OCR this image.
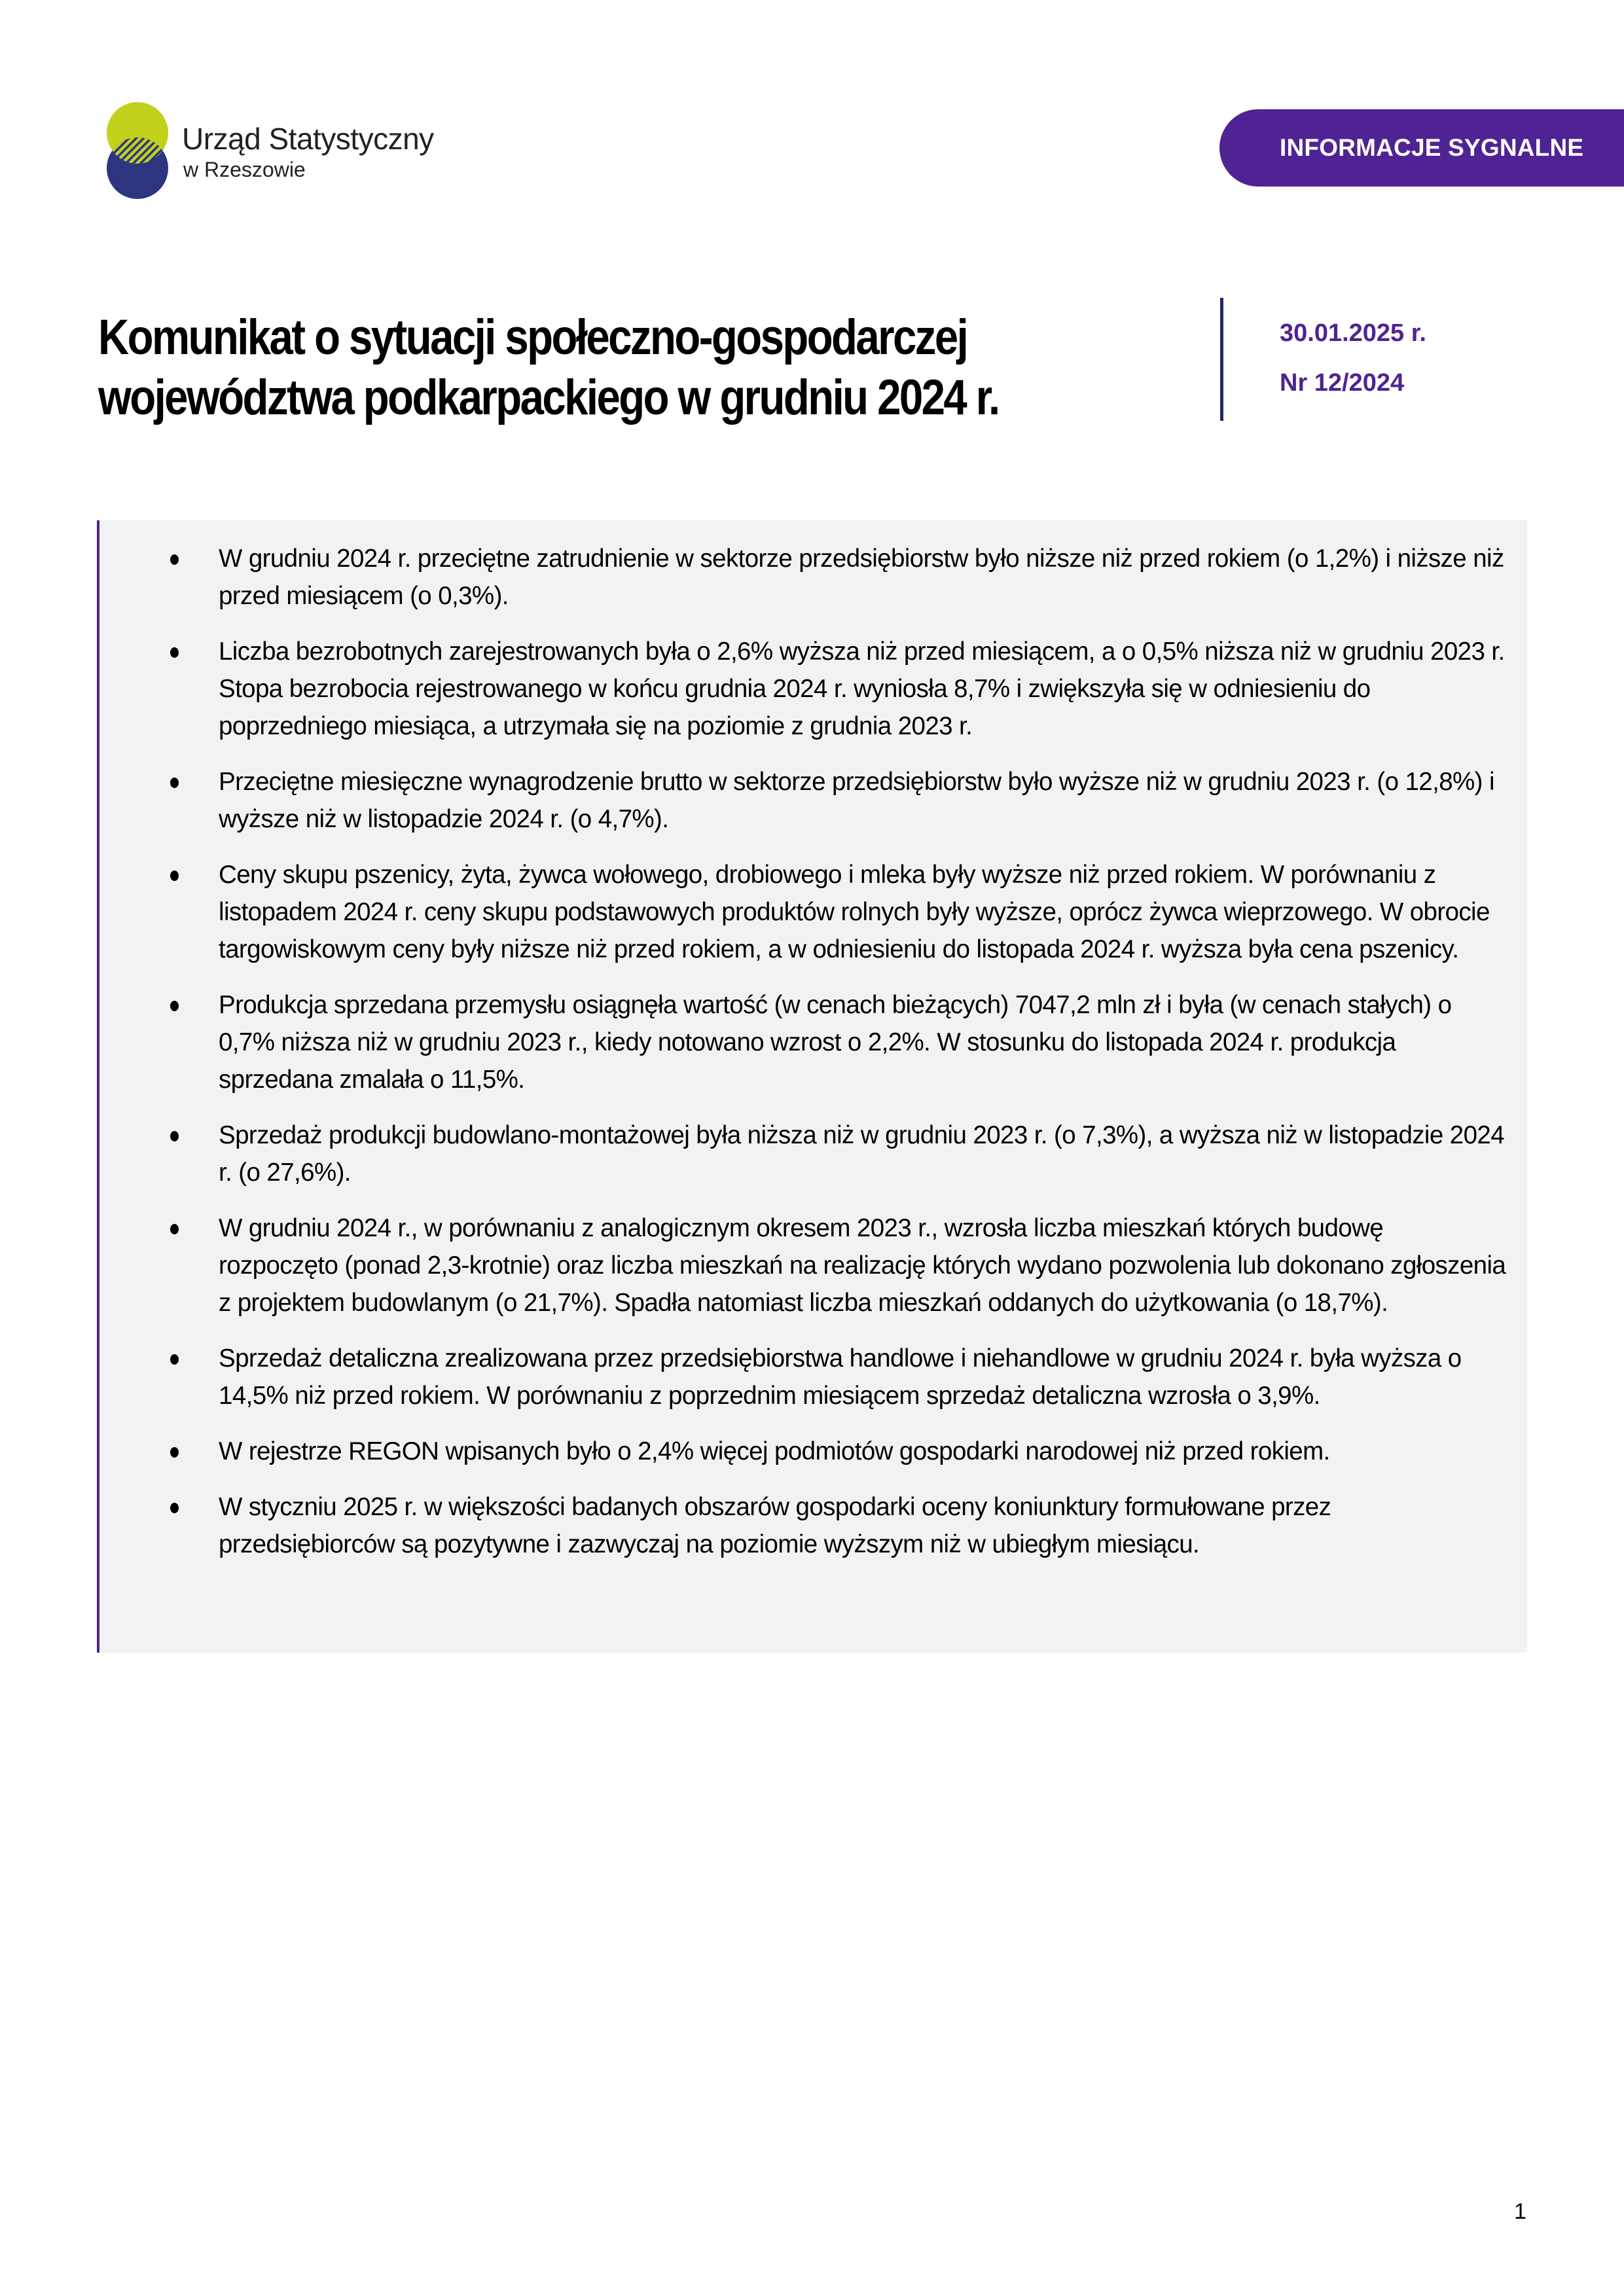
Urząd Statystyczny
w Rzeszowie
INFORMACJE SYGNALNE
Komunikat o sytuacji społeczno-gospodarczej
województwa podkarpackiego w grudniu 2024 r.
30.01.2025 r.
Nr 12/2024
W grudniu 2024 r. przeciętne zatrudnienie w sektorze przedsiębiorstw było niższe niż przed rokiem (o 1,2%) i niższe niż przed miesiącem (o 0,3%).
Liczba bezrobotnych zarejestrowanych była o 2,6% wyższa niż przed miesiącem, a o 0,5% niższa niż w grudniu 2023 r. Stopa bezrobocia rejestrowanego w końcu grudnia 2024 r. wyniosła 8,7% i zwiększyła się w odniesieniu do poprzedniego miesiąca, a utrzymała się na poziomie z grudnia 2023 r.
Przeciętne miesięczne wynagrodzenie brutto w sektorze przedsiębiorstw było wyższe niż w grudniu 2023 r. (o 12,8%) i wyższe niż w listopadzie 2024 r. (o 4,7%).
Ceny skupu pszenicy, żyta, żywca wołowego, drobiowego i mleka były wyższe niż przed rokiem. W porównaniu z listopadem 2024 r. ceny skupu podstawowych produktów rolnych były wyższe, oprócz żywca wieprzowego. W obrocie targowiskowym ceny były niższe niż przed rokiem, a w odniesieniu do listopada 2024 r. wyższa była cena pszenicy.
Produkcja sprzedana przemysłu osiągnęła wartość (w cenach bieżących) 7047,2 mln zł i była (w cenach stałych) o 0,7% niższa niż w grudniu 2023 r., kiedy notowano wzrost o 2,2%. W stosunku do listopada 2024 r. produkcja sprzedana zmalała o 11,5%.
Sprzedaż produkcji budowlano-montażowej była niższa niż w grudniu 2023 r. (o 7,3%), a wyższa niż w listopadzie 2024 r. (o 27,6%).
W grudniu 2024 r., w porównaniu z analogicznym okresem 2023 r., wzrosła liczba mieszkań których budowę rozpoczęto (ponad 2,3-krotnie) oraz liczba mieszkań na realizację których wydano pozwolenia lub dokonano zgłoszenia z projektem budowlanym (o 21,7%). Spadła natomiast liczba mieszkań oddanych do użytkowania (o 18,7%).
Sprzedaż detaliczna zrealizowana przez przedsiębiorstwa handlowe i niehandlowe w grudniu 2024 r. była wyższa o 14,5% niż przed rokiem. W porównaniu z poprzednim miesiącem sprzedaż detaliczna wzrosła o 3,9%.
W rejestrze REGON wpisanych było o 2,4% więcej podmiotów gospodarki narodowej niż przed rokiem.
W styczniu 2025 r. w większości badanych obszarów gospodarki oceny koniunktury formułowane przez przedsiębiorców są pozytywne i zazwyczaj na poziomie wyższym niż w ubiegłym miesiącu.
1
